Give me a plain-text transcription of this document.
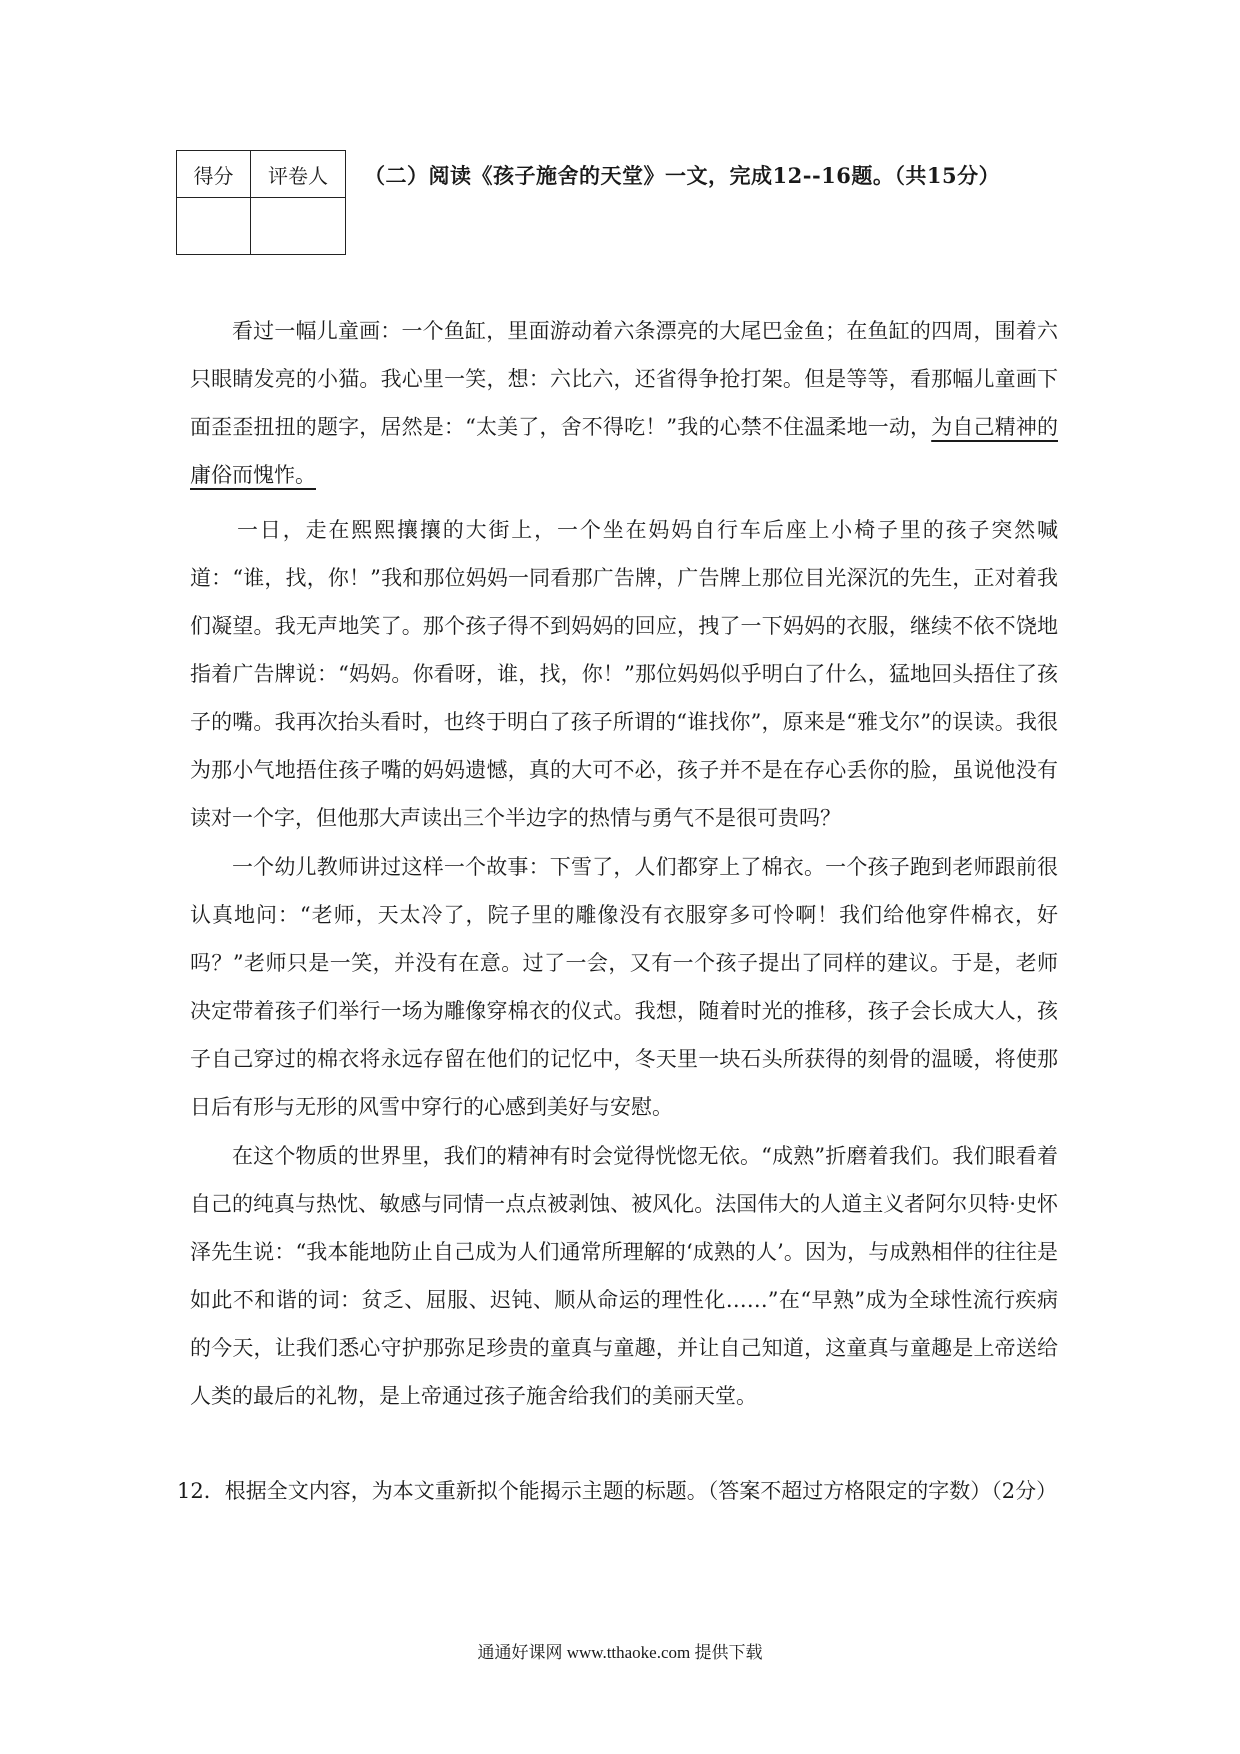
得分	评卷人
	（二）阅读《孩子施舍的天堂》一文，完成12--16题。（共15分）

看过一幅儿童画：一个鱼缸，里面游动着六条漂亮的大尾巴金鱼；在鱼缸的四周，围着六只眼睛发亮的小猫。我心里一笑，想：六比六，还省得争抢打架。但是等等，看那幅儿童画下面歪歪扭扭的题字，居然是：“太美了，舍不得吃！”我的心禁不住温柔地一动，为自己精神的庸俗而愧怍。

一日，走在熙熙攘攘的大街上，一个坐在妈妈自行车后座上小椅子里的孩子突然喊道：“谁，找，你！”我和那位妈妈一同看那广告牌，广告牌上那位目光深沉的先生，正对着我们凝望。我无声地笑了。那个孩子得不到妈妈的回应，拽了一下妈妈的衣服，继续不依不饶地指着广告牌说：“妈妈。你看呀，谁，找，你！”那位妈妈似乎明白了什么，猛地回头捂住了孩子的嘴。我再次抬头看时，也终于明白了孩子所谓的“谁找你”，原来是“雅戈尔”的误读。我很为那小气地捂住孩子嘴的妈妈遗憾，真的大可不必，孩子并不是在存心丢你的脸，虽说他没有读对一个字，但他那大声读出三个半边字的热情与勇气不是很可贵吗？

一个幼儿教师讲过这样一个故事：下雪了，人们都穿上了棉衣。一个孩子跑到老师跟前很认真地问：“老师，天太冷了，院子里的雕像没有衣服穿多可怜啊！我们给他穿件棉衣，好吗？”老师只是一笑，并没有在意。过了一会，又有一个孩子提出了同样的建议。于是，老师决定带着孩子们举行一场为雕像穿棉衣的仪式。我想，随着时光的推移，孩子会长成大人，孩子自己穿过的棉衣将永远存留在他们的记忆中，冬天里一块石头所获得的刻骨的温暖，将使那日后有形与无形的风雪中穿行的心感到美好与安慰。

在这个物质的世界里，我们的精神有时会觉得恍惚无依。“成熟”折磨着我们。我们眼看着自己的纯真与热忱、敏感与同情一点点被剥蚀、被风化。法国伟大的人道主义者阿尔贝特·史怀泽先生说：“我本能地防止自己成为人们通常所理解的‘成熟的人’。因为，与成熟相伴的往往是如此不和谐的词：贫乏、屈服、迟钝、顺从命运的理性化……”在“早熟”成为全球性流行疾病的今天，让我们悉心守护那弥足珍贵的童真与童趣，并让自己知道，这童真与童趣是上帝送给人类的最后的礼物，是上帝通过孩子施舍给我们的美丽天堂。

12．根据全文内容，为本文重新拟个能揭示主题的标题。（答案不超过方格限定的字数）（2分）

通通好课网 www.tthaoke.com 提供下载
